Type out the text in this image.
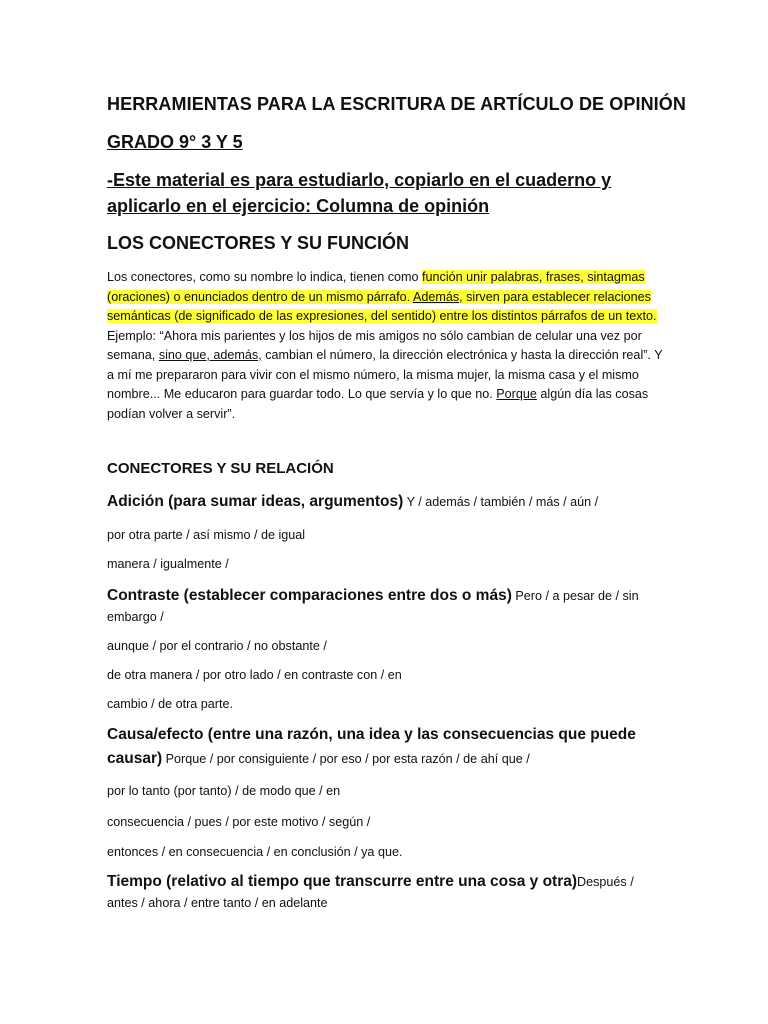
HERRAMIENTAS PARA LA ESCRITURA DE ARTÍCULO DE OPINIÓN
GRADO 9° 3 Y 5
-Este material es para estudiarlo, copiarlo en el cuaderno y
aplicarlo en el ejercicio: Columna de opinión
LOS CONECTORES Y SU FUNCIÓN
Los conectores, como su nombre lo indica, tienen como función unir palabras, frases, sintagmas
(oraciones) o enunciados dentro de un mismo párrafo. Además, sirven para establecer relaciones
semánticas (de significado de las expresiones, del sentido) entre los distintos párrafos de un texto.
Ejemplo: “Ahora mis parientes y los hijos de mis amigos no sólo cambian de celular una vez por
semana, sino que, además, cambian el número, la dirección electrónica y hasta la dirección real”. Y
a mí me prepararon para vivir con el mismo número, la misma mujer, la misma casa y el mismo
nombre... Me educaron para guardar todo. Lo que servía y lo que no. Porque algún día las cosas
podían volver a servir”.
CONECTORES Y SU RELACIÓN
Adición (para sumar ideas, argumentos) Y / además / también / más / aún /
por otra parte / así mismo / de igual
manera / igualmente /
Contraste (establecer comparaciones entre dos o más) Pero / a pesar de / sin
embargo /
aunque / por el contrario / no obstante /
de otra manera / por otro lado / en contraste con / en
cambio / de otra parte.
Causa/efecto (entre una razón, una idea y las consecuencias que puede
causar) Porque / por consiguiente / por eso / por esta razón / de ahí que /
por lo tanto (por tanto) / de modo que / en
consecuencia / pues / por este motivo / según /
entonces / en consecuencia / en conclusión / ya que.
Tiempo (relativo al tiempo que transcurre entre una cosa y otra)Después /
antes / ahora / entre tanto / en adelante
